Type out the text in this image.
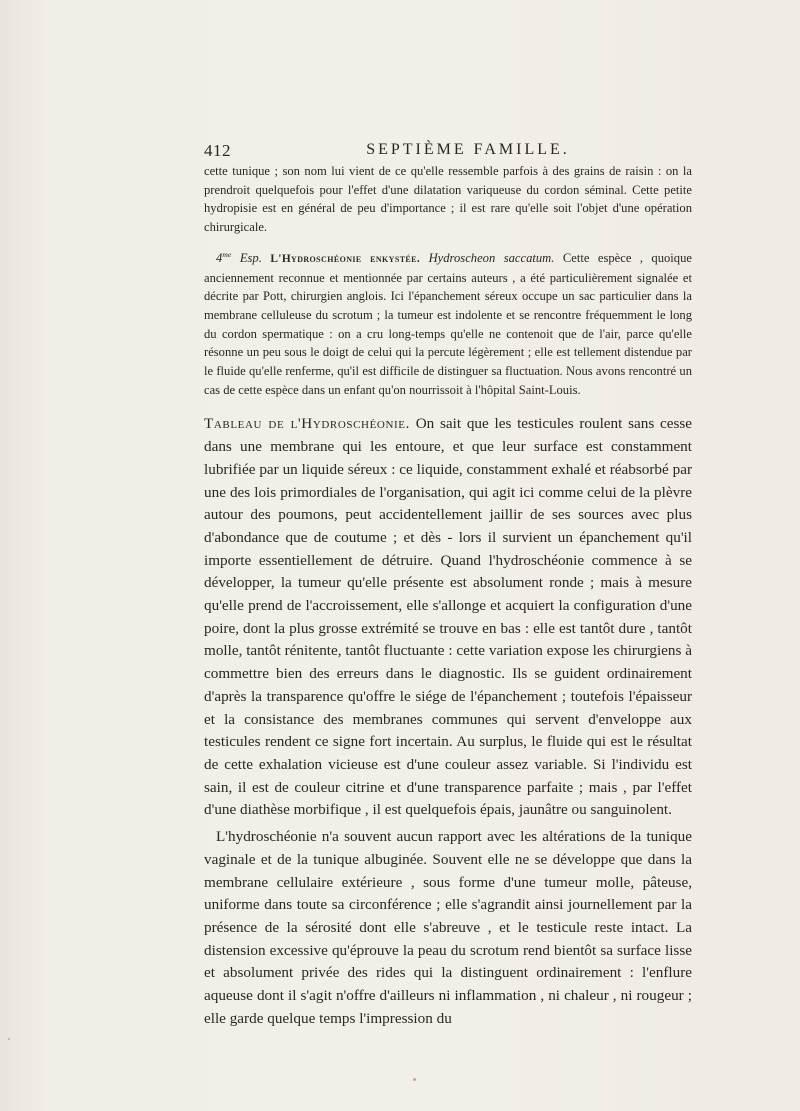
412	SEPTIÈME FAMILLE.

cette tunique ; son nom lui vient de ce qu'elle ressemble parfois à des grains de raisin : on la prendroit quelquefois pour l'effet d'une dilatation variqueuse du cordon séminal. Cette petite hydropisie est en général de peu d'importance ; il est rare qu'elle soit l'objet d'une opération chirurgicale.

$4^{me}$ Esp. L'Hydroschéonie enkystée. Hydroscheon saccatum. Cette espèce , quoique anciennement reconnue et mentionnée par certains auteurs , a été particulièrement signalée et décrite par Pott, chirurgien anglois. Ici l'épanchement séreux occupe un sac particulier dans la membrane celluleuse du scrotum ; la tumeur est indolente et se rencontre fréquemment le long du cordon spermatique : on a cru long-temps qu'elle ne contenoit que de l'air, parce qu'elle résonne un peu sous le doigt de celui qui la percute légèrement ; elle est tellement distendue par le fluide qu'elle renferme, qu'il est difficile de distinguer sa fluctuation. Nous avons rencontré un cas de cette espèce dans un enfant qu'on nourrissoit à l'hôpital Saint-Louis.

Tableau de l'Hydroschéonie. On sait que les testicules roulent sans cesse dans une membrane qui les entoure, et que leur surface est constamment lubrifiée par un liquide séreux : ce liquide, constamment exhalé et réabsorbé par une des lois primordiales de l'organisation, qui agit ici comme celui de la plèvre autour des poumons, peut accidentellement jaillir de ses sources avec plus d'abondance que de coutume ; et dès - lors il survient un épanchement qu'il importe essentiellement de détruire. Quand l'hydroschéonie commence à se développer, la tumeur qu'elle présente est absolument ronde ; mais à mesure qu'elle prend de l'accroissement, elle s'allonge et acquiert la configuration d'une poire, dont la plus grosse extrémité se trouve en bas : elle est tantôt dure , tantôt molle, tantôt rénitente, tantôt fluctuante : cette variation expose les chirurgiens à commettre bien des erreurs dans le diagnostic. Ils se guident ordinairement d'après la transparence qu'offre le siége de l'épanchement ; toutefois l'épaisseur et la consistance des membranes communes qui servent d'enveloppe aux testicules rendent ce signe fort incertain. Au surplus, le fluide qui est le résultat de cette exhalation vicieuse est d'une couleur assez variable. Si l'individu est sain, il est de couleur citrine et d'une transparence parfaite ; mais , par l'effet d'une diathèse morbifique , il est quelquefois épais, jaunâtre ou sanguinolent.

L'hydroschéonie n'a souvent aucun rapport avec les altérations de la tunique vaginale et de la tunique albuginée. Souvent elle ne se développe que dans la membrane cellulaire extérieure , sous forme d'une tumeur molle, pâteuse, uniforme dans toute sa circonférence ; elle s'agrandit ainsi journellement par la présence de la sérosité dont elle s'abreuve , et le testicule reste intact. La distension excessive qu'éprouve la peau du scrotum rend bientôt sa surface lisse et absolument privée des rides qui la distinguent ordinairement : l'enflure aqueuse dont il s'agit n'offre d'ailleurs ni inflammation , ni chaleur , ni rougeur ; elle garde quelque temps l'impression du
